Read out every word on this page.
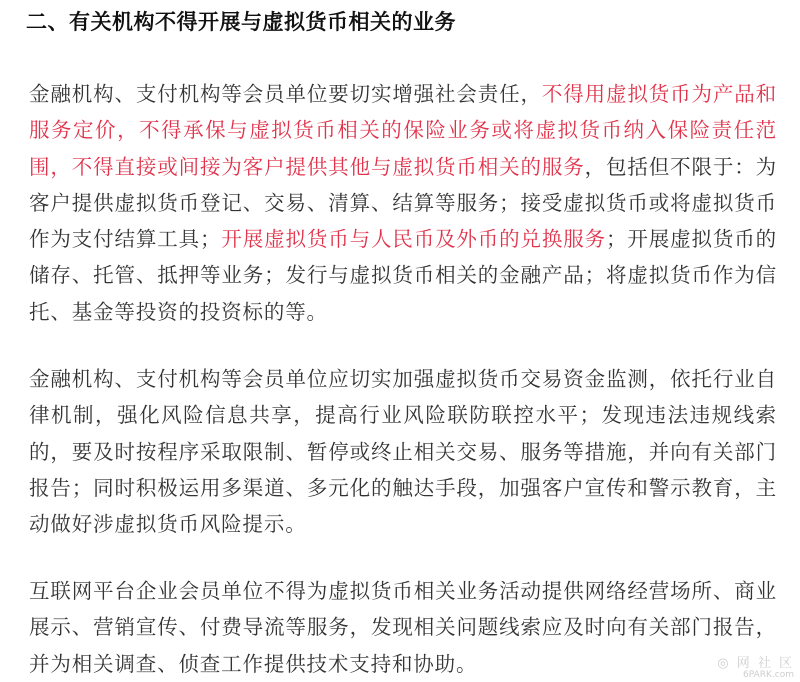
二、有关机构不得开展与虚拟货币相关的业务

金融机构、支付机构等会员单位要切实增强社会责任，不得用虚拟货币为产品和服务定价，不得承保与虚拟货币相关的保险业务或将虚拟货币纳入保险责任范围，不得直接或间接为客户提供其他与虚拟货币相关的服务，包括但不限于：为客户提供虚拟货币登记、交易、清算、结算等服务；接受虚拟货币或将虚拟货币作为支付结算工具；开展虚拟货币与人民币及外币的兑换服务；开展虚拟货币的储存、托管、抵押等业务；发行与虚拟货币相关的金融产品；将虚拟货币作为信托、基金等投资的投资标的等。

金融机构、支付机构等会员单位应切实加强虚拟货币交易资金监测，依托行业自律机制，强化风险信息共享，提高行业风险联防联控水平；发现违法违规线索的，要及时按程序采取限制、暂停或终止相关交易、服务等措施，并向有关部门报告；同时积极运用多渠道、多元化的触达手段，加强客户宣传和警示教育，主动做好涉虚拟货币风险提示。

互联网平台企业会员单位不得为虚拟货币相关业务活动提供网络经营场所、商业展示、营销宣传、付费导流等服务，发现相关问题线索应及时向有关部门报告，并为相关调查、侦查工作提供技术支持和协助。	◎ 网 社 区
6PARK.com
